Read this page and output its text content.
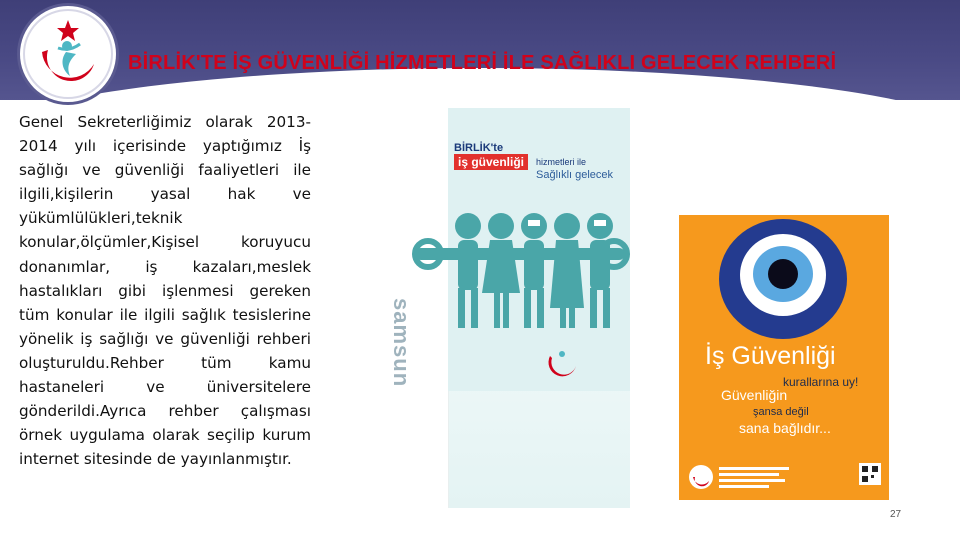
BİRLİK'TE İŞ GÜVENLİĞİ HİZMETLERİ İLE SAĞLIKLI GELECEK REHBERİ
Genel Sekreterliğimiz olarak 2013-2014 yılı içerisinde yaptığımız İş sağlığı ve güvenliği faaliyetleri ile ilgili,kişilerin yasal hak ve yükümlülükleri,teknik konular,ölçümler,Kişisel koruyucu donanımlar, iş kazaları,meslek hastalıkları gibi işlenmesi gereken tüm konular ile ilgili sağlık tesislerine yönelik iş sağlığı ve güvenliği rehberi oluşturuldu.Rehber tüm kamu hastaneleri ve üniversitelere gönderildi.Ayrıca rehber çalışması örnek uygulama olarak seçilip kurum internet sitesinde de yayınlanmıştır.
samsun
BİRLİK'te
iş güvenliği	hizmetleri ile
Sağlıklı gelecek
İş Güvenliği
kurallarına uy!
Güvenliğin
şansa değil
sana bağlıdır...
27
